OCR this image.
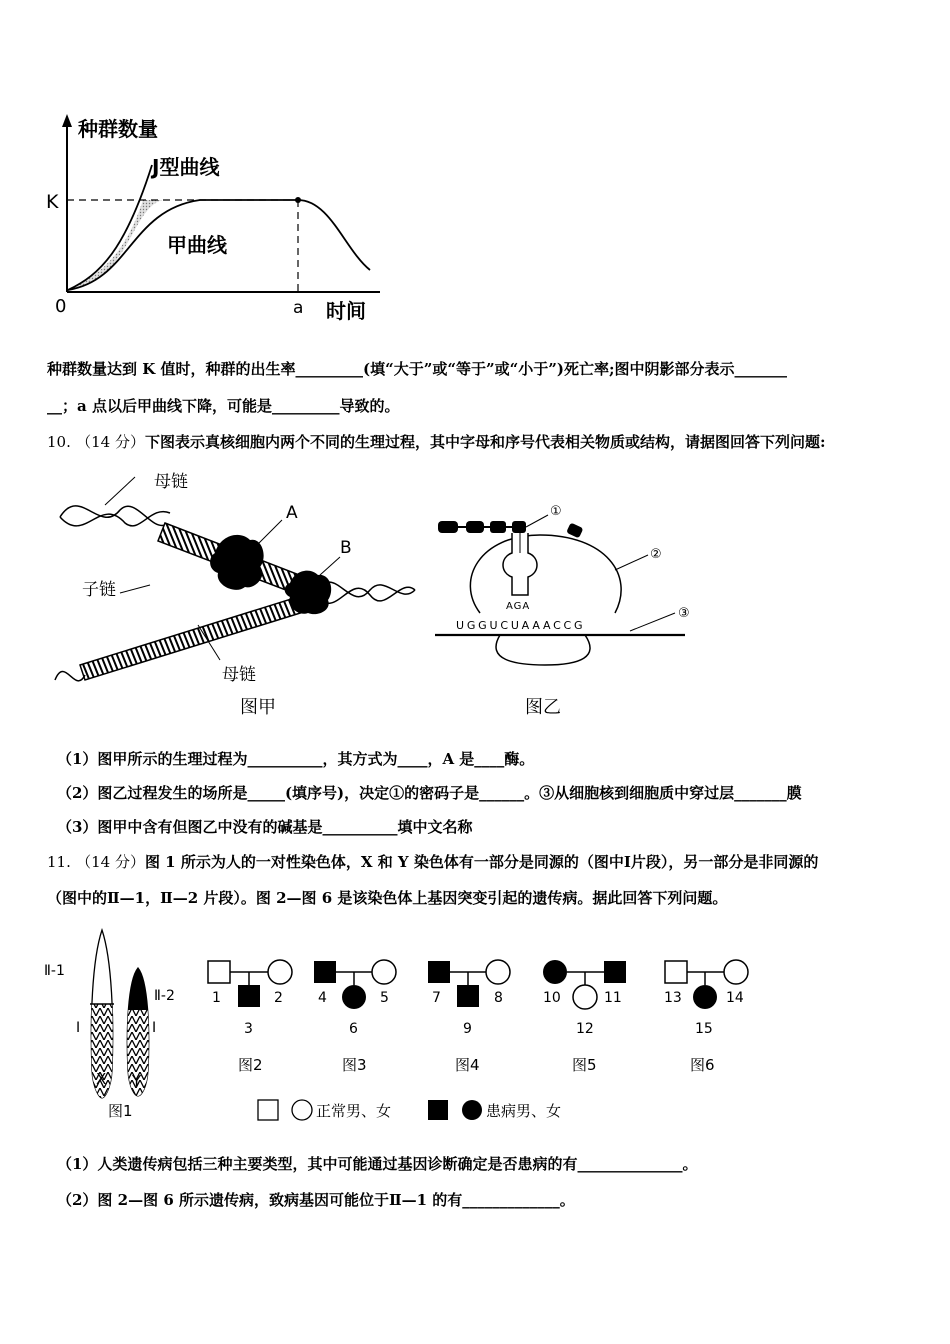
种群数量
J型曲线
K
甲曲线
0	a 时间
种群数量达到 K 值时，种群的出生率_________(填“大于”或“等于”或“小于”)死亡率;图中阴影部分表示_______
__；a 点以后甲曲线下降，可能是_________导致的。
10. （14 分）下图表示真核细胞内两个不同的生理过程，其中字母和序号代表相关物质或结构，请据图回答下列问题:
母链
A
B
子链
母链
图甲
①
②
③
AGA
UGGUCUAAACCG
图乙
（1）图甲所示的生理过程为__________，其方式为____，A 是____酶。
（2）图乙过程发生的场所是_____(填序号)，决定①的密码子是______。③从细胞核到细胞质中穿过层_______膜
（3）图甲中含有但图乙中没有的碱基是__________填中文名称
11. （14 分）图 1 所示为人的一对性染色体，X 和 Y 染色体有一部分是同源的（图中Ⅰ片段），另一部分是非同源的
（图中的Ⅱ—1，Ⅱ—2 片段）。图 2—图 6 是该染色体上基因突变引起的遗传病。据此回答下列问题。
Ⅱ-1
Ⅱ-2
Ⅰ	Ⅰ
X Y
图1
1	2
3
图2
4	5
6
图3
7	8
9
图4
10	11
12
图5
13	14
15
图6
正常男、女	患病男、女
（1）人类遗传病包括三种主要类型，其中可能通过基因诊断确定是否患病的有______________。
（2）图 2—图 6 所示遗传病，致病基因可能位于Ⅱ—1 的有_____________。
